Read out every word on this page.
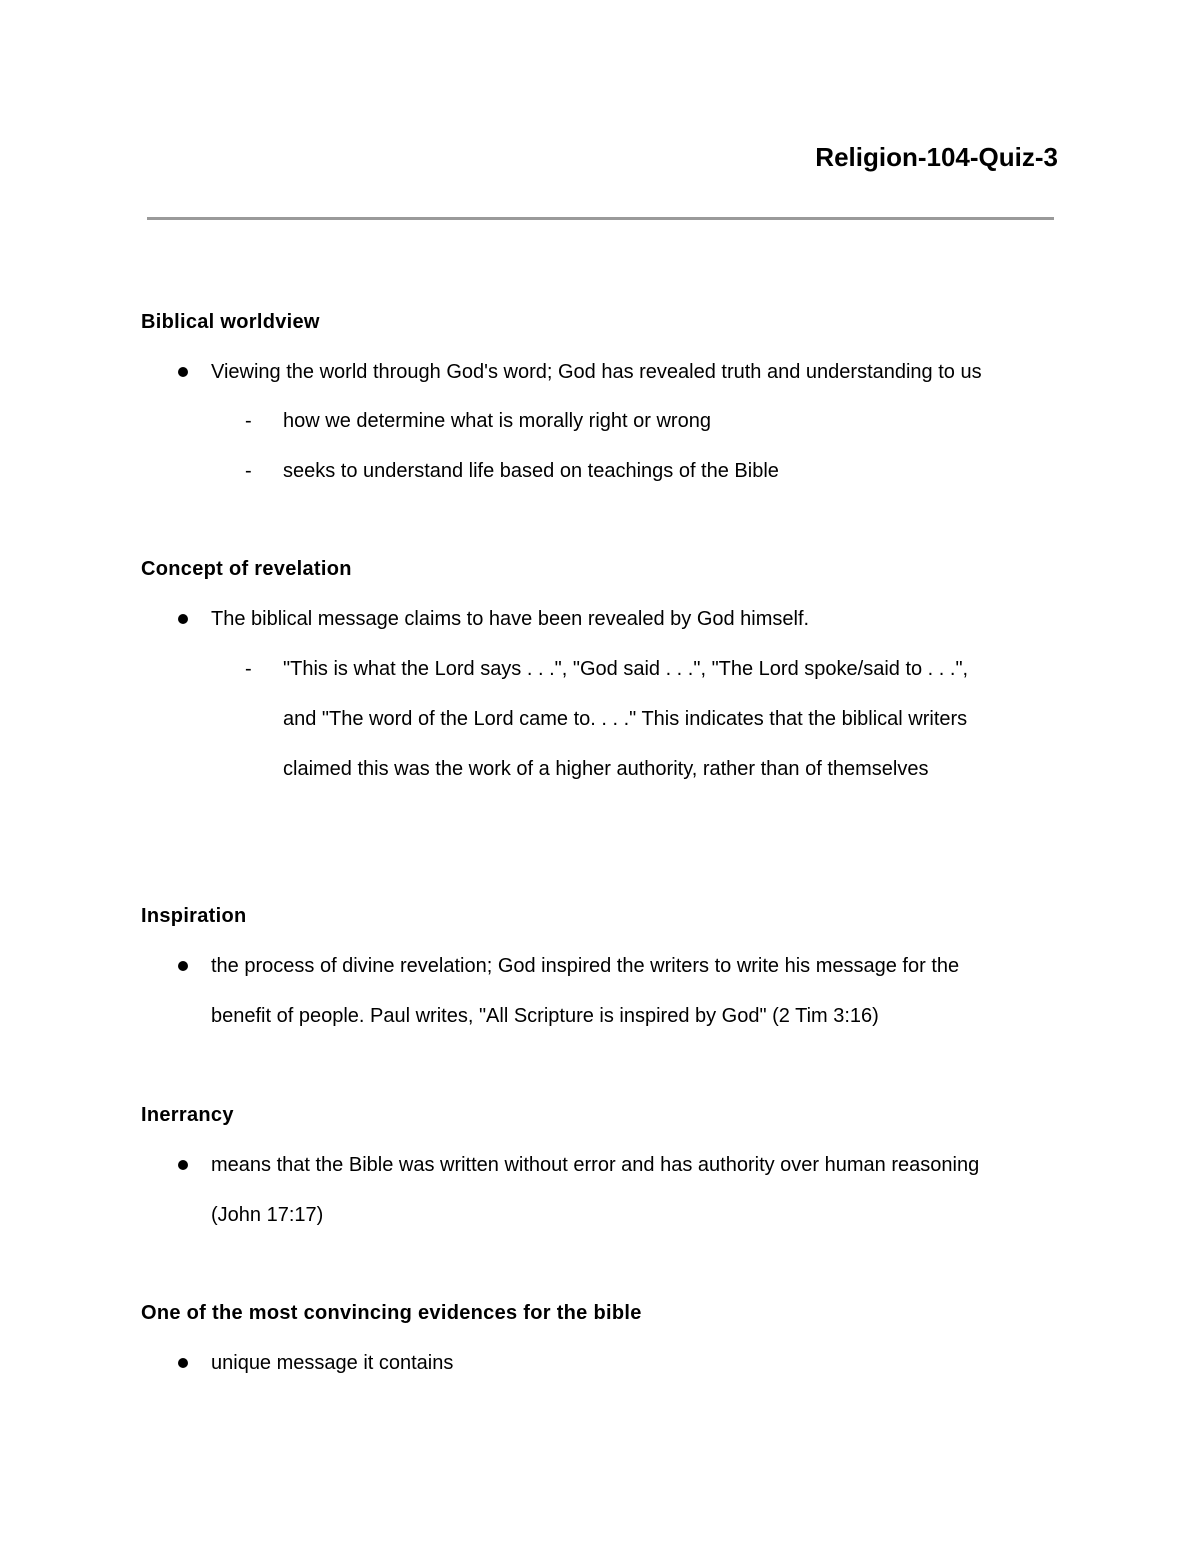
Religion-104-Quiz-3
Biblical worldview
Viewing the world through God's word; God has revealed truth and understanding to us
- how we determine what is morally right or wrong
- seeks to understand life based on teachings of the Bible
Concept of revelation
The biblical message claims to have been revealed by God himself.
- "This is what the Lord says . . .", "God said . . .", "The Lord spoke/said to . . .",
and "The word of the Lord came to. . . ." This indicates that the biblical writers
claimed this was the work of a higher authority, rather than of themselves
Inspiration
the process of divine revelation; God inspired the writers to write his message for the
benefit of people. Paul writes, "All Scripture is inspired by God" (2 Tim 3:16)
Inerrancy
means that the Bible was written without error and has authority over human reasoning
(John 17:17)
One of the most convincing evidences for the bible
unique message it contains
